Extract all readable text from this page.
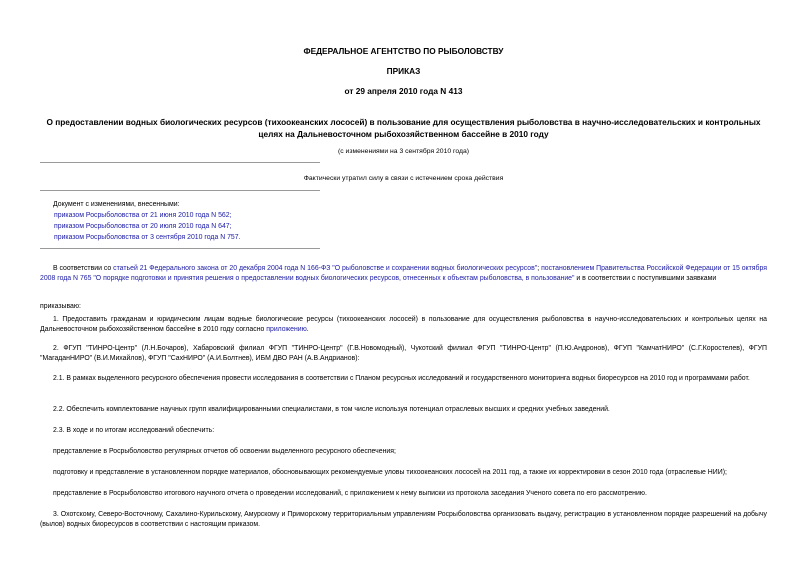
ФЕДЕРАЛЬНОЕ АГЕНТСТВО ПО РЫБОЛОВСТВУ
ПРИКАЗ
от 29 апреля 2010 года N 413
О предоставлении водных биологических ресурсов (тихоокеанских лососей) в пользование для осуществления рыболовства в научно-исследовательских и контрольных целях на Дальневосточном рыбохозяйственном бассейне в 2010 году
(с изменениями на 3 сентября 2010 года)
Фактически утратил силу в связи с истечением срока действия
Документ с изменениями, внесенными:
приказом Росрыболовства от 21 июня 2010 года N 562;
приказом Росрыболовства от 20 июля 2010 года N 647;
приказом Росрыболовства от 3 сентября 2010 года N 757.
В соответствии со статьей 21 Федерального закона от 20 декабря 2004 года N 166-ФЗ "О рыболовстве и сохранении водных биологических ресурсов"; постановлением Правительства Российской Федерации от 15 октября 2008 года N 765 "О порядке подготовки и принятия решения о предоставлении водных биологических ресурсов, отнесенных к объектам рыболовства, в пользование" и в соответствии с поступившими заявками
приказываю:
1. Предоставить гражданам и юридическим лицам водные биологические ресурсы (тихоокеанских лососей) в пользование для осуществления рыболовства в научно-исследовательских и контрольных целях на Дальневосточном рыбохозяйственном бассейне в 2010 году согласно приложению.
2. ФГУП "ТИНРО-Центр" (Л.Н.Бочаров), Хабаровский филиал ФГУП "ТИНРО-Центр" (Г.В.Новомодный), Чукотский филиал ФГУП "ТИНРО-Центр" (П.Ю.Андронов), ФГУП "КамчатНИРО" (С.Г.Коростелев), ФГУП "МагаданНИРО" (В.И.Михайлов), ФГУП "СахНИРО" (А.И.Болтнев), ИБМ ДВО РАН (А.В.Андрианов):
2.1. В рамках выделенного ресурсного обеспечения провести исследования в соответствии с Планом ресурсных исследований и государственного мониторинга водных биоресурсов на 2010 год и программами работ.
2.2. Обеспечить комплектование научных групп квалифицированными специалистами, в том числе используя потенциал отраслевых высших и средних учебных заведений.
2.3. В ходе и по итогам исследований обеспечить:
представление в Росрыболовство регулярных отчетов об освоении выделенного ресурсного обеспечения;
подготовку и представление в установленном порядке материалов, обосновывающих рекомендуемые уловы тихоокеанских лососей на 2011 год, а также их корректировки в сезон 2010 года (отраслевые НИИ);
представление в Росрыболовство итогового научного отчета о проведении исследований, с приложением к нему выписки из протокола заседания Ученого совета по его рассмотрению.
3. Охотскому, Северо-Восточному, Сахалино-Курильскому, Амурскому и Приморскому территориальным управлениям Росрыболовства организовать выдачу, регистрацию в установленном порядке разрешений на добычу (вылов) водных биоресурсов в соответствии с настоящим приказом.
